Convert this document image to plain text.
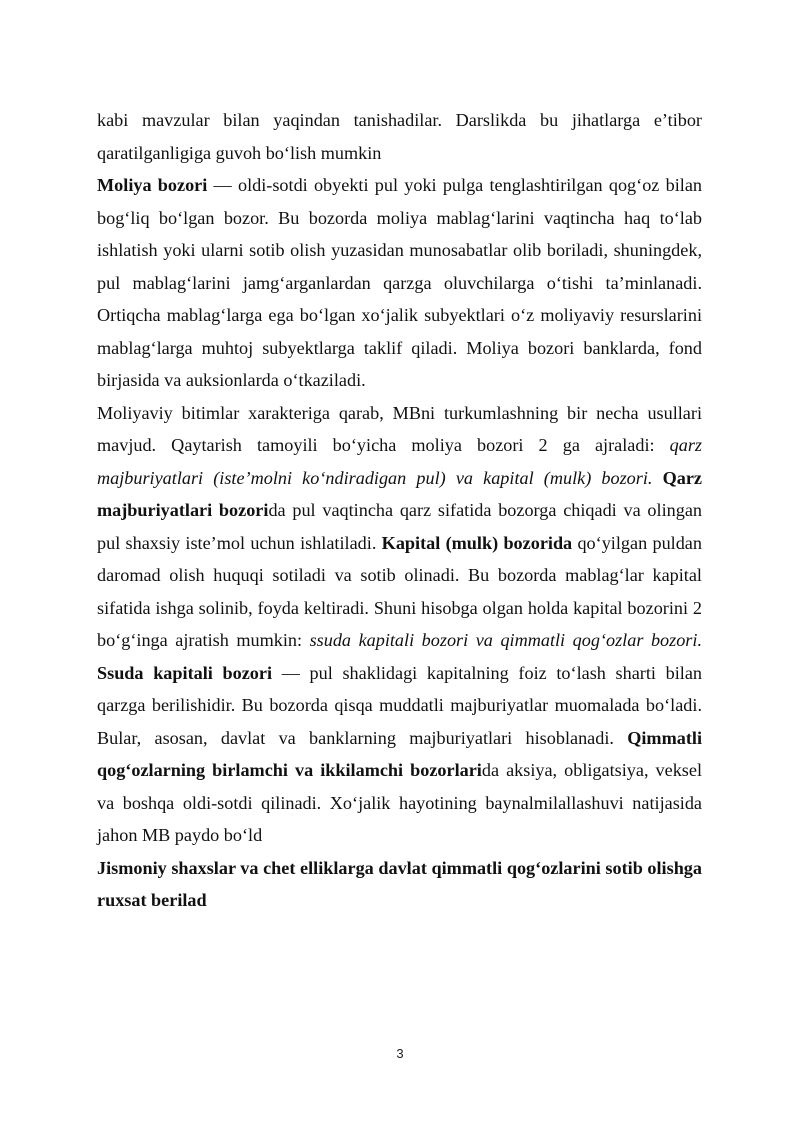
kabi mavzular bilan yaqindan tanishadilar. Darslikda bu jihatlarga e’tibor qaratilganligiga guvoh bo‘lish mumkin

Moliya bozori — oldi-sotdi obyekti pul yoki pulga tenglashtirilgan qog‘oz bilan bog‘liq bo‘lgan bozor. Bu bozorda moliya mablag‘larini vaqtincha haq to‘lab ishlatish yoki ularni sotib olish yuzasidan munosabatlar olib boriladi, shuningdek, pul mablag‘larini jamg‘arganlardan qarzga oluvchilarga o‘tishi ta’minlanadi. Ortiqcha mablag‘larga ega bo‘lgan xo‘jalik subyektlari o‘z moliyaviy resurslarini mablag‘larga muhtoj subyektlarga taklif qiladi. Moliya bozori banklarda, fond birjasida va auksionlarda o‘tkaziladi.

Moliyaviy bitimlar xarakteriga qarab, MBni turkumlashning bir necha usullari mavjud. Qaytarish tamoyili bo‘yicha moliya bozori 2 ga ajraladi: qarz majburiyatlari (iste’molni ko‘ndiradigan pul) va kapital (mulk) bozori. Qarz majburiyatlari bozorida pul vaqtincha qarz sifatida bozorga chiqadi va olingan pul shaxsiy iste’mol uchun ishlatiladi. Kapital (mulk) bozorida qo‘yilgan puldan daromad olish huquqi sotiladi va sotib olinadi. Bu bozorda mablag‘lar kapital sifatida ishga solinib, foyda keltiradi. Shuni hisobga olgan holda kapital bozorini 2 bo‘g‘inga ajratish mumkin: ssuda kapitali bozori va qimmatli qog‘ozlar bozori. Ssuda kapitali bozori — pul shaklidagi kapitalning foiz to‘lash sharti bilan qarzga berilishidir. Bu bozorda qisqa muddatli majburiyatlar muomalada bo‘ladi. Bular, asosan, davlat va banklarning majburiyatlari hisoblanadi. Qimmatli qog‘ozlarning birlamchi va ikkilamchi bozorlarida aksiya, obligatsiya, veksel va boshqa oldi-sotdi qilinadi. Xo‘jalik hayotining baynalmilallashuvi natijasida jahon MB paydo bo‘ld

Jismoniy shaxslar va chet elliklarga davlat qimmatli qog‘ozlarini sotib olishga ruxsat berilad

3
